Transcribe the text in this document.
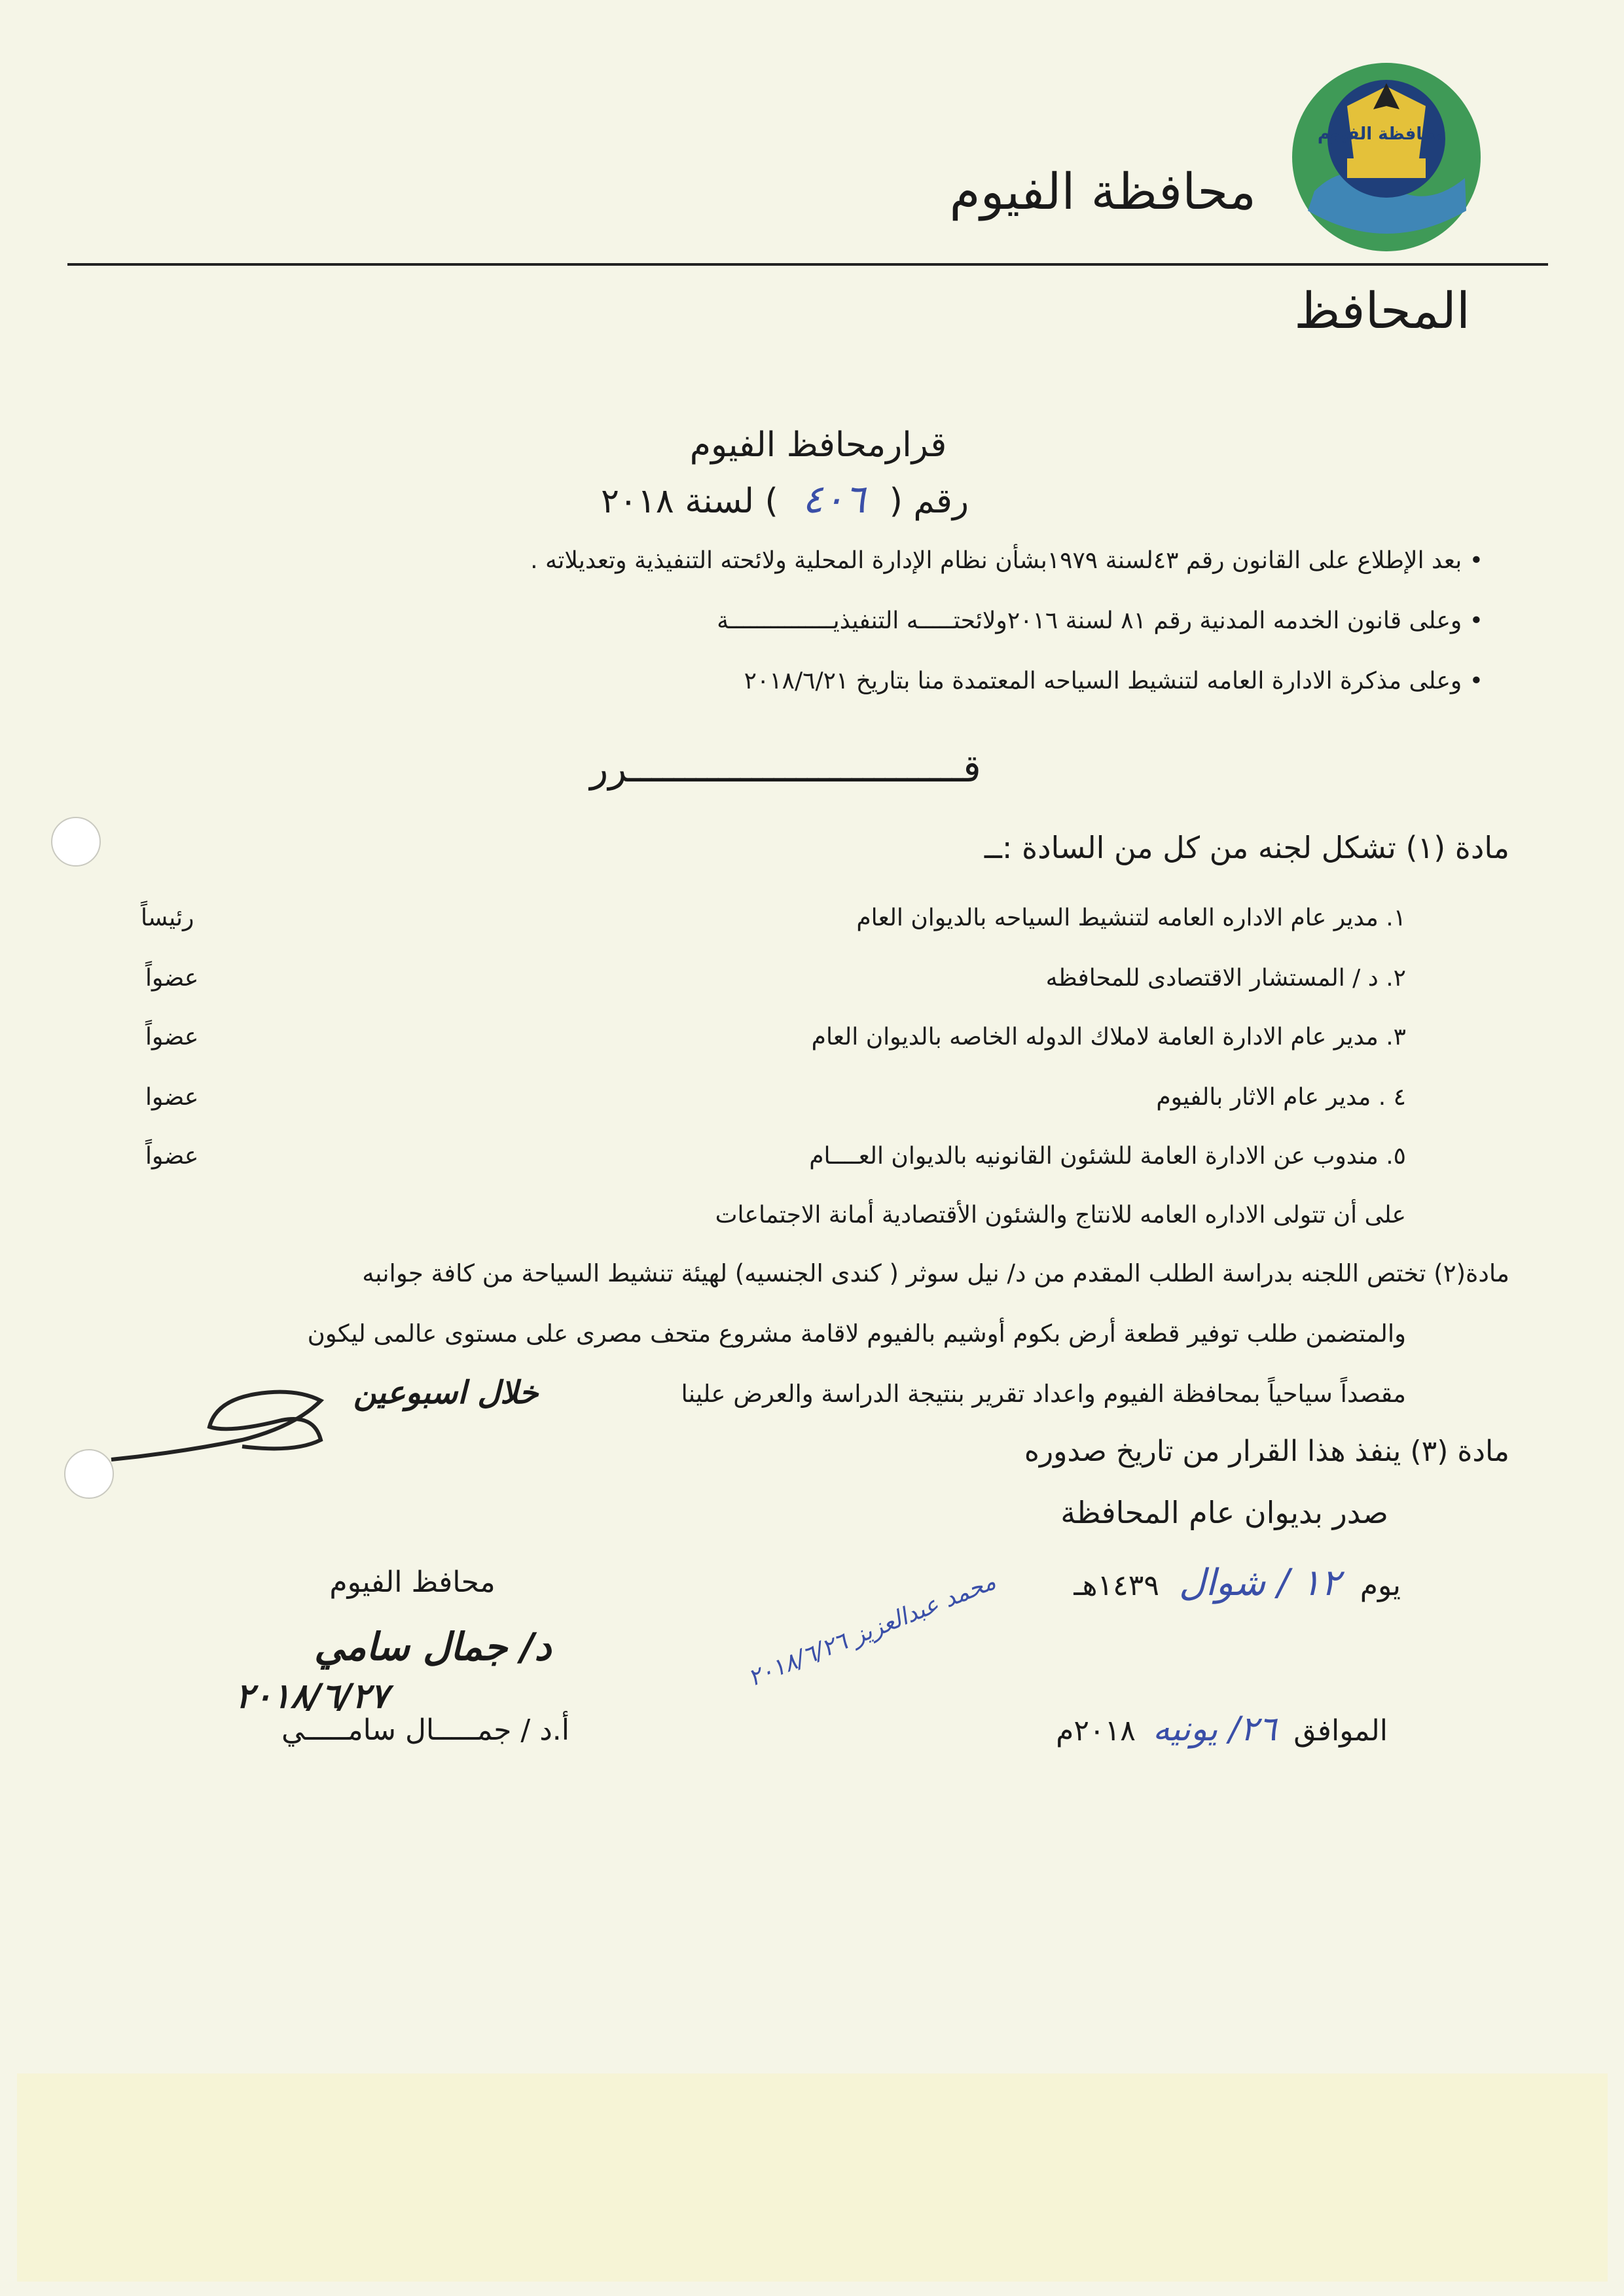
محافظة الفيوم
محافظة الفيوم
المحافظ
قرارمحافظ الفيوم
رقم ( ٤٠٦ ) لسنة ٢٠١٨
• بعد الإطلاع على القانون رقم ٤٣لسنة ١٩٧٩بشأن نظام الإدارة المحلية ولائحته التنفيذية وتعديلاته .
• وعلى قانون الخدمه المدنية رقم ٨١ لسنة ٢٠١٦ولائحتـــــه التنفيذيـــــــــــــــة
• وعلى مذكرة الادارة العامه لتنشيط السياحه المعتمدة منا بتاريخ ٢٠١٨/٦/٢١
قــــــــــــــــــــــــــــــرر
مادة (١) تشكل لجنه من كل من السادة :ــ
١. مدير عام الاداره العامه لتنشيط السياحه بالديوان العام
رئيساً
٢. د / المستشار الاقتصادى للمحافظه
عضواً
٣. مدير عام الادارة العامة لاملاك الدوله الخاصه بالديوان العام
عضواً
٤ . مدير عام الاثار بالفيوم
عضوا
٥. مندوب عن الادارة العامة للشئون القانونيه بالديوان العــــام
عضواً
على أن تتولى الاداره العامه للانتاج والشئون الأقتصادية أمانة الاجتماعات
مادة(٢) تختص اللجنه بدراسة الطلب المقدم من د/ نيل سوثر ( كندى الجنسيه) لهيئة تنشيط السياحة من كافة جوانبه
والمتضمن طلب توفير قطعة أرض بكوم أوشيم بالفيوم لاقامة مشروع متحف مصرى على مستوى عالمى ليكون
مقصداً سياحياً بمحافظة الفيوم واعداد تقرير بنتيجة الدراسة والعرض علينا
خلال اسبوعين
مادة (٣) ينفذ هذا القرار من تاريخ صدوره
صدر بديوان عام المحافظة
يوم ١٢ / شوال ١٤٣٩هـ
الموافق ٢٦/ يونيه ٢٠١٨م
محمد عبدالعزيز ٢٠١٨/٦/٢٦
محافظ الفيوم
د/ جمال سامي
٢٠١٨/٦/٢٧
أ.د / جمـــــال سامـــــي
